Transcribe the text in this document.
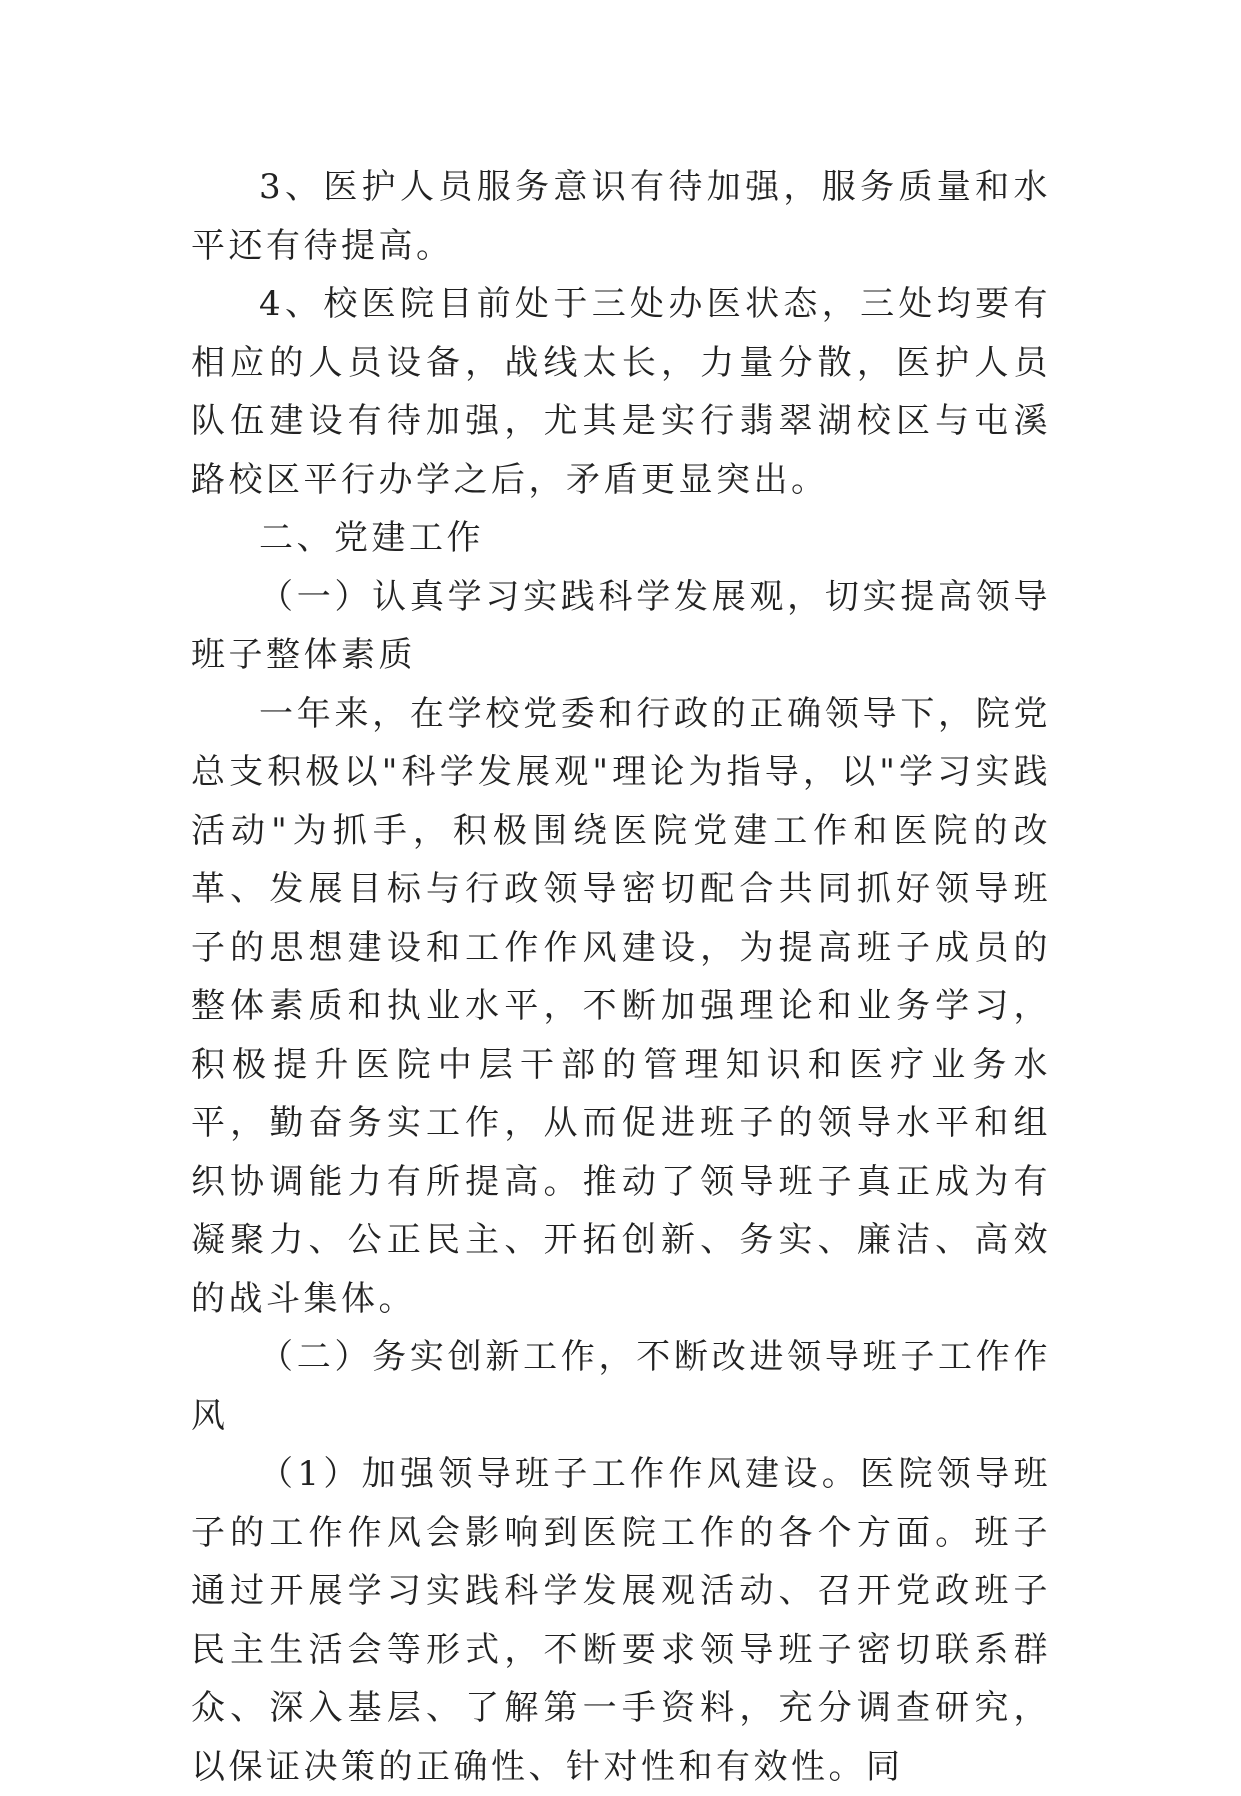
3、医护人员服务意识有待加强，服务质量和水平还有待提高。

4、校医院目前处于三处办医状态，三处均要有相应的人员设备，战线太长，力量分散，医护人员队伍建设有待加强，尤其是实行翡翠湖校区与屯溪路校区平行办学之后，矛盾更显突出。

二、党建工作

（一）认真学习实践科学发展观，切实提高领导班子整体素质

一年来，在学校党委和行政的正确领导下，院党总支积极以"科学发展观"理论为指导，以"学习实践活动"为抓手，积极围绕医院党建工作和医院的改革、发展目标与行政领导密切配合共同抓好领导班子的思想建设和工作作风建设，为提高班子成员的整体素质和执业水平，不断加强理论和业务学习，积极提升医院中层干部的管理知识和医疗业务水平，勤奋务实工作，从而促进班子的领导水平和组织协调能力有所提高。推动了领导班子真正成为有凝聚力、公正民主、开拓创新、务实、廉洁、高效的战斗集体。

（二）务实创新工作，不断改进领导班子工作作风

（1）加强领导班子工作作风建设。医院领导班子的工作作风会影响到医院工作的各个方面。班子通过开展学习实践科学发展观活动、召开党政班子民主生活会等形式，不断要求领导班子密切联系群众、深入基层、了解第一手资料，充分调查研究，以保证决策的正确性、针对性和有效性。同
